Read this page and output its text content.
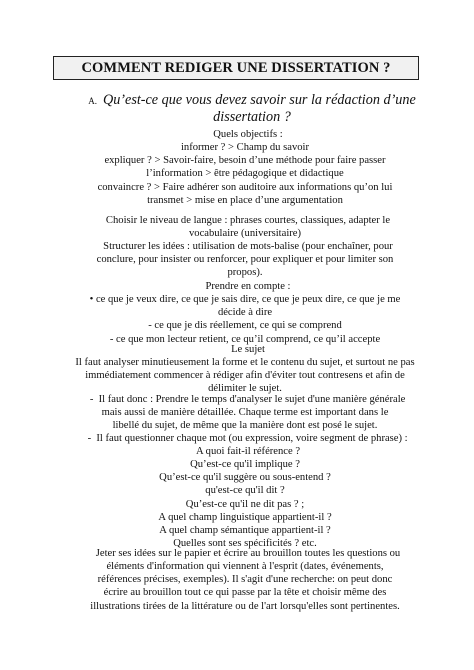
COMMENT REDIGER UNE DISSERTATION ?
A. Qu’est-ce que vous devez savoir sur la rédaction d’une
dissertation ?
Quels objectifs :
informer ? > Champ du savoir
expliquer ? > Savoir-faire, besoin d’une méthode pour faire passer
l’information > être pédagogique et didactique
convaincre ? > Faire adhérer son auditoire aux informations qu’on lui
transmet > mise en place d’une argumentation
Choisir le niveau de langue : phrases courtes, classiques, adapter le
vocabulaire (universitaire)
Structurer les idées : utilisation de mots-balise (pour enchaîner, pour
conclure, pour insister ou renforcer, pour expliquer et pour limiter son
propos).
Prendre en compte :
• ce que je veux dire, ce que je sais dire, ce que je peux dire, ce que je me
décide à dire
- ce que je dis réellement, ce qui se comprend
- ce que mon lecteur retient, ce qu’il comprend, ce qu’il accepte
Le sujet
Il faut analyser minutieusement la forme et le contenu du sujet, et surtout ne pas
immédiatement commencer à rédiger afin d'éviter tout contresens et afin de
délimiter le sujet.
- Il faut donc : Prendre le temps d'analyser le sujet d'une manière générale
mais aussi de manière détaillée. Chaque terme est important dans le
libellé du sujet, de même que la manière dont est posé le sujet.
- Il faut questionner chaque mot (ou expression, voire segment de phrase) :
A quoi fait-il référence ?
Qu’est-ce qu'il implique ?
Qu’est-ce qu'il suggère ou sous-entend ?
qu'est-ce qu'il dit ?
Qu’est-ce qu'il ne dit pas ? ;
A quel champ linguistique appartient-il ?
A quel champ sémantique appartient-il ?
Quelles sont ses spécificités ? etc.
Jeter ses idées sur le papier et écrire au brouillon toutes les questions ou
éléments d'information qui viennent à l'esprit (dates, événements,
références précises, exemples). Il s'agit d'une recherche: on peut donc
écrire au brouillon tout ce qui passe par la tête et choisir même des
illustrations tirées de la littérature ou de l'art lorsqu'elles sont pertinentes.
